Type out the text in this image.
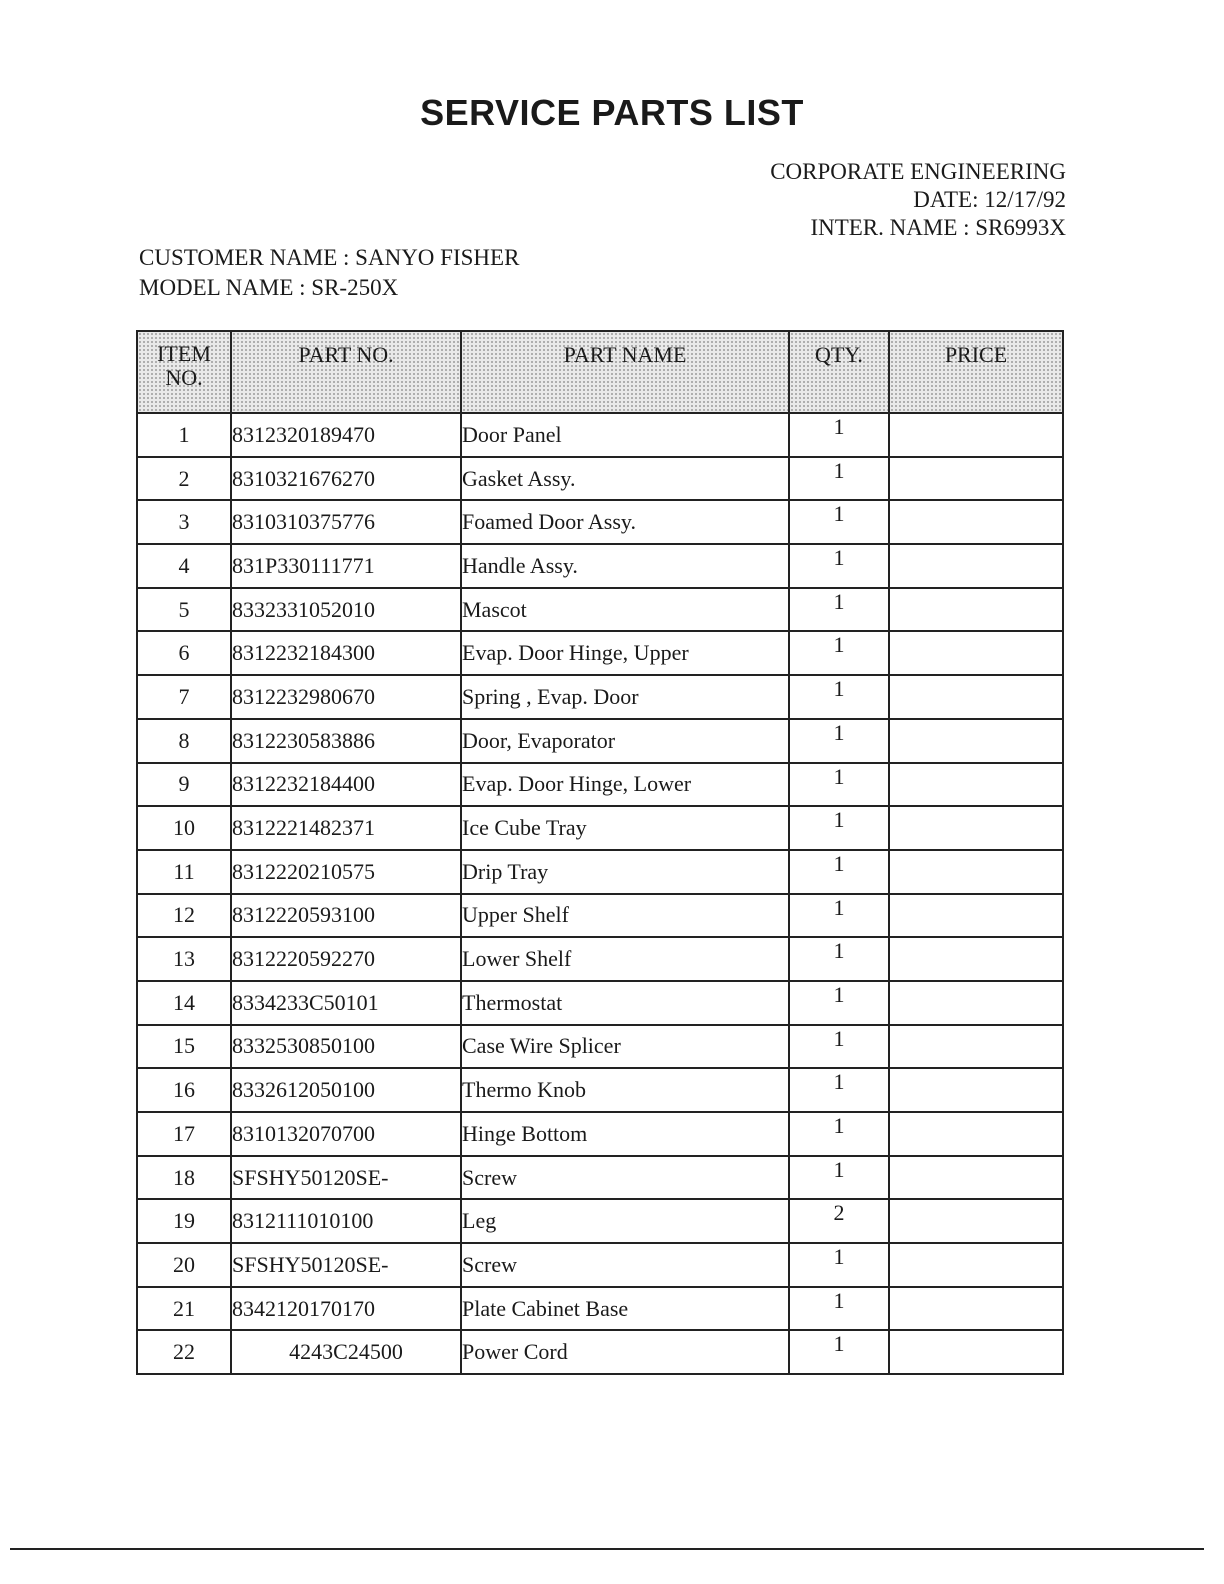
SERVICE PARTS LIST
CORPORATE ENGINEERING
DATE: 12/17/92
INTER. NAME : SR6993X
CUSTOMER NAME : SANYO FISHER
MODEL NAME : SR-250X
ITEM
NO.	PART NO.	PART NAME	QTY.	PRICE
1	8312320189470	Door Panel	1	
2	8310321676270	Gasket Assy.	1	
3	8310310375776	Foamed Door Assy.	1	
4	831P330111771	Handle Assy.	1	
5	8332331052010	Mascot	1	
6	8312232184300	Evap. Door Hinge, Upper	1	
7	8312232980670	Spring , Evap. Door	1	
8	8312230583886	Door, Evaporator	1	
9	8312232184400	Evap. Door Hinge, Lower	1	
10	8312221482371	Ice Cube Tray	1	
11	8312220210575	Drip Tray	1	
12	8312220593100	Upper Shelf	1	
13	8312220592270	Lower Shelf	1	
14	8334233C50101	Thermostat	1	
15	8332530850100	Case Wire Splicer	1	
16	8332612050100	Thermo Knob	1	
17	8310132070700	Hinge Bottom	1	
18	SFSHY50120SE-	Screw	1	
19	8312111010100	Leg	2	
20	SFSHY50120SE-	Screw	1	
21	8342120170170	Plate Cabinet Base	1	
22	4243C24500	Power Cord	1	
